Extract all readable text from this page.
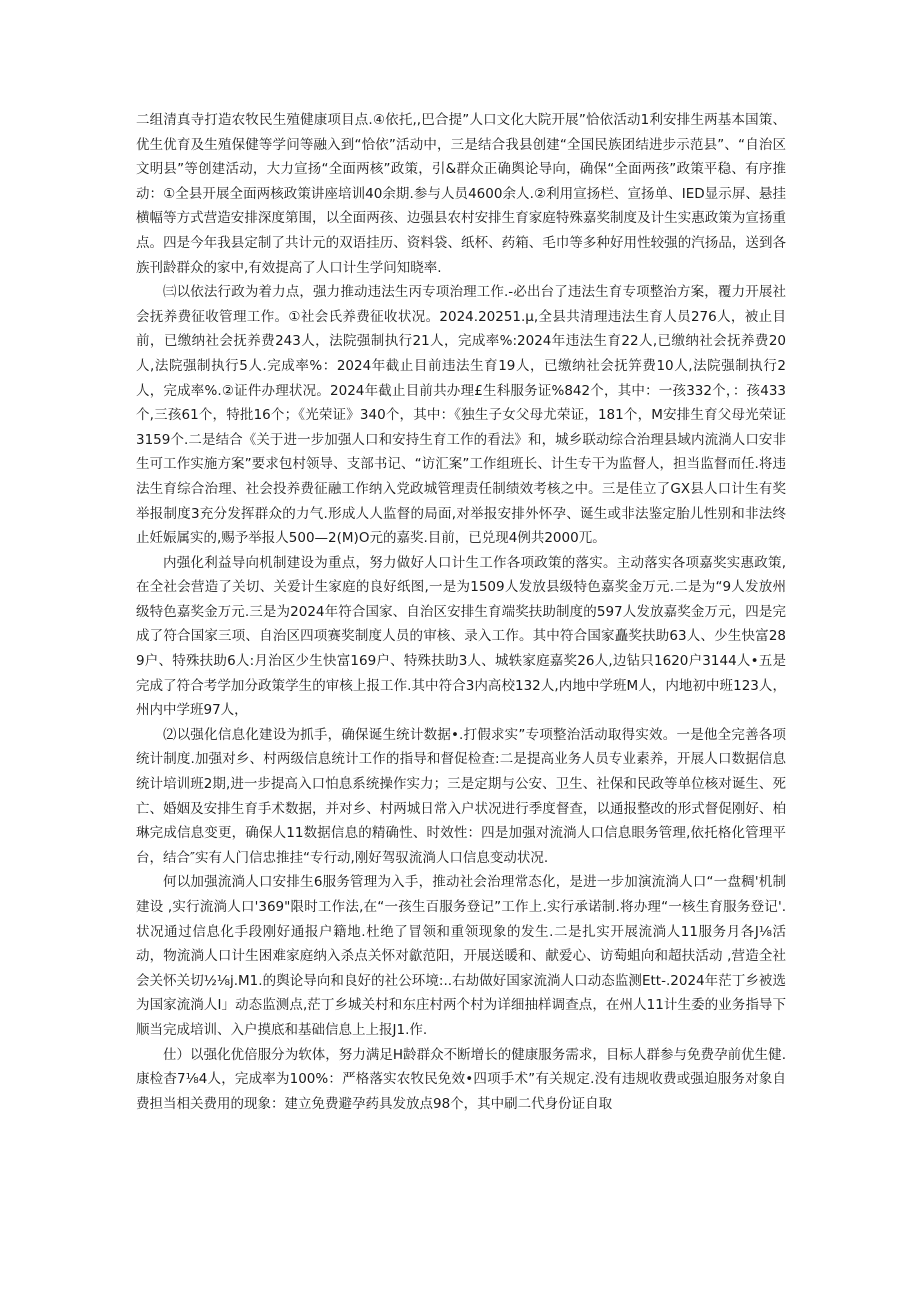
二组清真寺打造农牧民生殖健康项目点.④依托,,巴合提”人口文化大院开展”恰依活动1利安排生两基本国策、优生优育及生殖保健等学问等融入到“恰依”活动中，三是结合我县创建“全国民族团结进步示范县”、“自治区文明县”等创建活动，大力宣扬“全面两核”政策，引&群众正确舆论导向，确保“全面两孩”政策平稳、有序推动：①全县开展全面两核政策讲座培训40余期.参与人员4600余人.②利用宣扬栏、宣扬单、IED显示屏、悬挂横幅等方式营造安排深度第围，以全面两孩、边强县农村安排生育家庭特殊嘉奖制度及计生实惠政策为宣扬重点。四是今年我县定制了共计元的双语挂历、资料袋、纸杯、药箱、毛巾等多种好用性较强的汽扬品，送到各族刊龄群众的家中,有效提高了人口计生学问知晓率.

㈢以依法行政为着力点，强力推动违法生丙专项治理工作.-必出台了违法生育专项整治方案，覆力开展社会抚养费征收管理工作。①社会氏养费征收状况。2024.20251.μ,全县共清理违法生育人员276人，被止目前，已缴纳社会抚养费243人，法院强制执行21人，完成率%:2024年违法生育22人,已缴纳社会抚养费20人,法院强制执行5人.完成率%：2024年截止目前违法生育19人，已缴纳社会抚笄费10人,法院强制执行2人，完成率%.②证件办理状况。2024年截止目前共办理£生科服务证%842个，其中：一孩332个，：孩433个,三孩61个，特批16个；《光荣证》340个，其中：《独生子女父母尤荣证，181个，M安排生育父母光荣证3159个.二是结合《关于进一步加强人口和安持生育工作的看法》和，城乡联动综合治理县域内流淌人口安非生可工作实施方案”要求包村领导、支部书记、“访汇案”工作组班长、计生专干为监督人，担当监督而任.将违法生育综合治理、社会投养费征融工作纳入党政城管理责任制绩效考核之中。三是佳立了GX县人口计生有奖举报制度3充分发挥群众的力气.形成人人监督的局面,对举报安排外怀孕、诞生或非法鉴定胎儿性别和非法终止妊娠属实的,赐予举报人500—2(M)O元的嘉奖.目前，已兑现4例共2000兀。

内强化利益导向机制建设为重点，努力做好人口计生工作各项政策的落实。主动落实各项嘉奖实惠政策,在全社会营造了关切、关爱计生家庭的良好纸图,一是为1509人发放县级特色嘉奖金万元.二是为“9人发放州级特色嘉奖金万元.三是为2024年符合国家、自治区安排生育端奖扶助制度的597人发放嘉奖金万元，四是完成了符合国家三项、自治区四项赛奖制度人员的审核、录入工作。其中符合国家矗奖扶助63人、少生快富289户、特殊扶助6人:月治区少生快富169户、特殊扶助3人、城轶家庭嘉奖26人,边钻只1620户3144人•五是完成了符合考学加分政策学生的审核上报工作.其中符合3内高校132人,内地中学班M人，内地初中班123人，州内中学班97人，

⑵以强化信息化建设为抓手，确保诞生统计数据•.打假求实”专项整治活动取得实效。一是他全完善各项统计制度.加强对乡、村两级信息统计工作的指导和督促检查:二是提高业务人员专业素养，开展人口数据信息统计培训班2期,进一步提高入口怕息系统操作实力；三是定期与公安、卫生、社保和民政等单位核对诞生、死亡、婚姻及安排生育手术数据，并对乡、村两城日常入户状况进行季度督查，以通报整改的形式督促刚好、柏琳完成信息变更，确保人11数据信息的精确性、时效性：四是加强对流淌人口信息眼务管理,依托格化管理平台，结合″实有人门信忠推挂“专行动,刚好驾驭流淌人口信息变动状况.

何以加强流淌人口安排生6服务管理为入手，推动社会治理常态化，是进一步加演流淌人口“一盘稠'机制建设 ,实行流淌人口'369"限时工作法,在“一孩生百服务登记”工作上.实行承诺制.将办理“一核生育服务登记'.状况通过信息化手段刚好通报户籍地.杜绝了冒领和重领现象的发生.二是扎实开展流淌人11服务月各J⅛活动，物流淌人口计生困难家庭纳入杀点关怀对歙范阳，开展送暖和、献爱心、访萄蛆向和超扶活动 ,营造全社会关怀关切½⅛j.M1.的舆论导向和良好的社公环境:..右劫做好国家流淌人口动态监测Ett-.2024年茫丁乡被选为国家流淌人I」动态监测点,茫丁乡城关村和东庄村两个村为详细抽样调查点，在州人11计生委的业务指导下顺当完成培训、入户摸底和基础信息上上报J1.作.

仕）以强化优倍服分为软体，努力满足H龄群众不断增长的健康服务需求，目标人群参与免费孕前优生健.康检杳7⅛4人，完成率为100%：严格落实农牧民免效•四项手术”有关规定.没有违规收费或强迫服务对象自费担当相关费用的现象：建立免费避孕药具发放点98个，其中刷二代身份证自取
